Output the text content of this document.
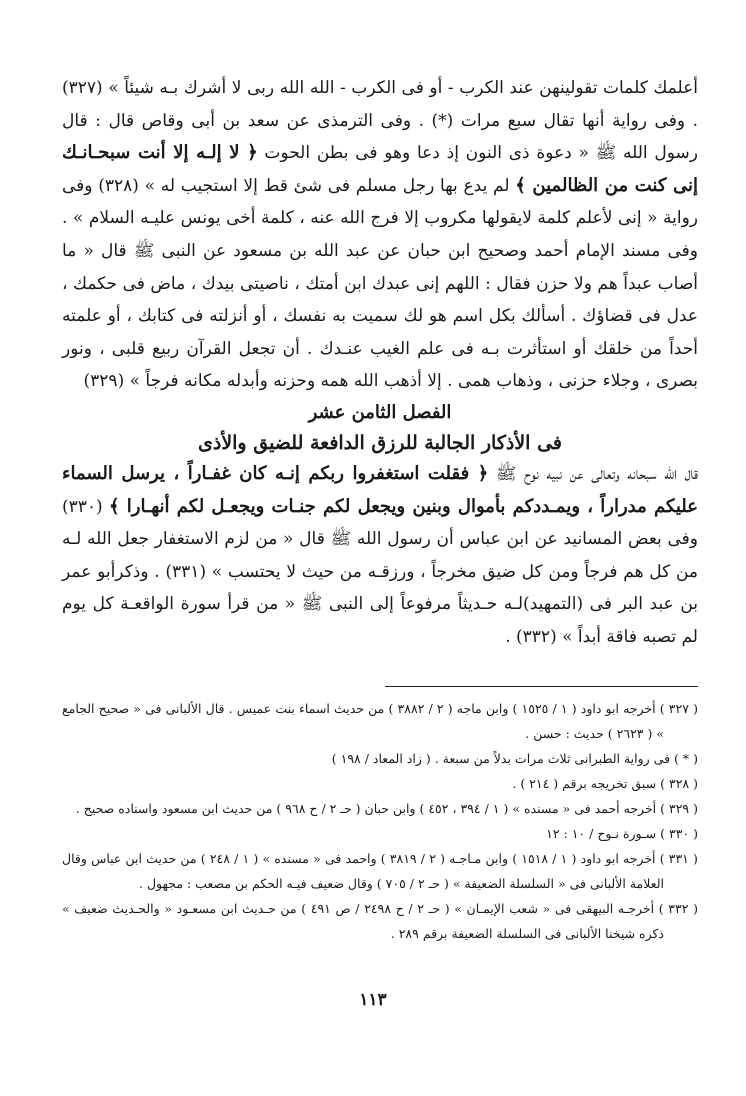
أعلمك كلمات تقولينهن عند الكرب - أو فى الكرب - الله الله ربى لا أشرك بـه شيئاً » (٣٢٧) . وفى رواية أنها تقال سبع مرات (*) . وفى الترمذى عن سعد بن أبى وقاص قال : قال رسول الله ﷺ « دعوة ذى النون إذ دعا وهو فى بطن الحوت ﴿ لا إلـه إلا أنت سبحـانـك إنى كنت من الظالمين ﴾ لم يدع بها رجل مسلم فى شئ قط إلا استجيب له » (٣٢٨) وفى رواية « إنى لأعلم كلمة لايقولها مكروب إلا فرج الله عنه ، كلمة أخى يونس عليـه السلام » . وفى مسند الإمام أحمد وصحيح ابن حبان عن عبد الله بن مسعود عن النبى ﷺ قال « ما أصاب عبداً هم ولا حزن فقال : اللهم إنى عبدك ابن أمتك ، ناصيتى بيدك ، ماض فى حكمك ، عدل فى قضاؤك . أسألك بكل اسم هو لك سميت به نفسك ، أو أنزلته فى كتابك ، أو علمته أحداً من خلقك أو استأثرت بـه فى علم الغيب عنـدك . أن تجعل القرآن ربيع قلبى ، ونور بصرى ، وجلاء حزنى ، وذهاب همى . إلا أذهب الله همه وحزنه وأبدله مكانه فرجاً » (٣٢٩)

الفصل الثامن عشر
فى الأذكار الجالبة للرزق الدافعة للضيق والأذى

قال الله سبحانه وتعالى عن نبيه نوح ﷺ ﴿ فقلت استغفروا ربكم إنـه كان غفـاراً ، يرسل السماء عليكم مدراراً ، ويمـددكم بأموال وبنين ويجعل لكم جنـات ويجعـل لكم أنهـارا ﴾ (٣٣٠) وفى بعض المسانيد عن ابن عباس أن رسول الله ﷺ قال « من لزم الاستغفار جعل الله لـه من كل هم فرجاً ومن كل ضيق مخرجاً ، ورزقـه من حيث لا يحتسب » (٣٣١) . وذكرأبو عمر بن عبد البر فى (التمهيد)لـه حـديثاً مرفوعاً إلى النبى ﷺ « من قرأ سورة الواقعـة كل يوم لم تصبه فاقة أبداً » (٣٣٢) .

( ٣٢٧ ) أخرجه ابو داود ( ١ / ١٥٢٥ ) وابن ماجه ( ٢ / ٣٨٨٢ ) من حديث اسماء بنت عميس . قال الألبانى فى « صحيح الجامع » ( ٢٦٢٣ ) حديث : حسن .

( * ) فى رواية الطبرانى ثلاث مرات بدلاً من سبعة . ( زاد المعاد / ١٩٨ )

( ٣٢٨ ) سبق تخريجه برقم ( ٢١٤ ) .

( ٣٢٩ ) أخرجه أحمد فى « مسنده » ( ١ / ٣٩٤ ، ٤٥٢ ) وابن حبان ( حـ ٢ / ح ٩٦٨ ) من حديث ابن مسعود واسناده صحيح .

( ٣٣٠ ) سـورة نـوح / ١٠ : ١٢

( ٣٣١ ) أخرجه ابو داود ( ١ / ١٥١٨ ) وابن مـاجـه ( ٢ / ٣٨١٩ ) واحمد فى « مسنده » ( ١ / ٢٤٨ ) من حديث ابن عباس وقال العلامة الألبانى فى « السلسلة الضعيفة » ( حـ ٢ / ٧٠٥ ) وقال ضعيف فيـه الحكم بن مصعب : مجهول .

( ٣٣٢ ) أخرجـه البيهقى فى « شعب الإيمـان » ( حـ ٢ / ح ٢٤٩٨ / ص ٤٩١ ) من حـديث ابن مسعـود « والحـديث ضعيف » ذكره شيخنا الألبانى فى السلسلة الضعيفة برقم ٢٨٩ .

١١٣
